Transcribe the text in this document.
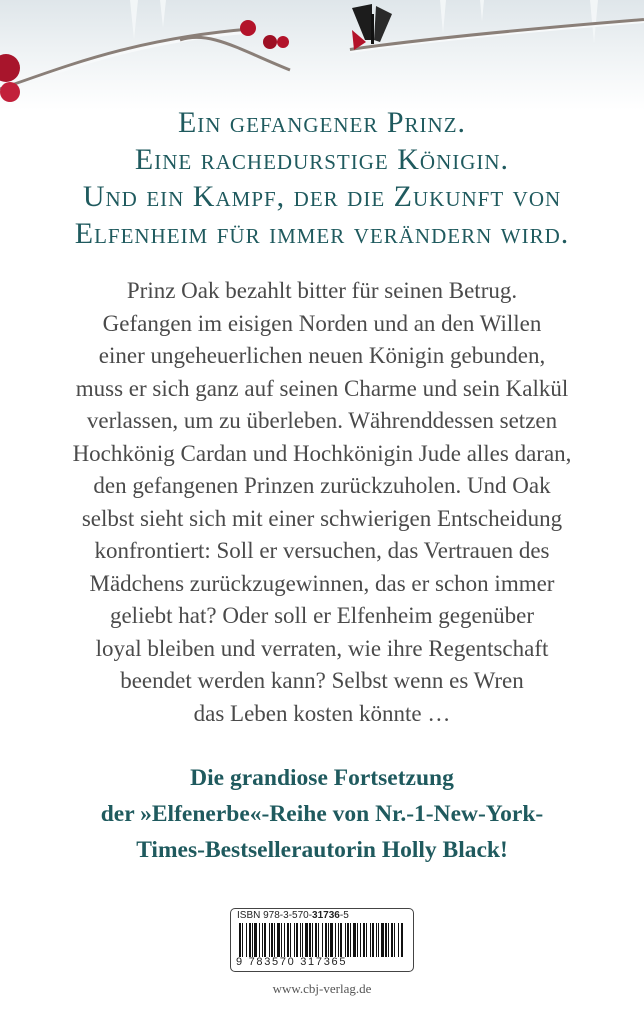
Ein gefangener Prinz.
Eine rachedurstige Königin.
Und ein Kampf, der die Zukunft von
Elfenheim für immer verändern wird.
Prinz Oak bezahlt bitter für seinen Betrug.
Gefangen im eisigen Norden und an den Willen
einer ungeheuerlichen neuen Königin gebunden,
muss er sich ganz auf seinen Charme und sein Kalkül
verlassen, um zu überleben. Währenddessen setzen
Hochkönig Cardan und Hochkönigin Jude alles daran,
den gefangenen Prinzen zurückzuholen. Und Oak
selbst sieht sich mit einer schwierigen Entscheidung
konfrontiert: Soll er versuchen, das Vertrauen des
Mädchens zurückzugewinnen, das er schon immer
geliebt hat? Oder soll er Elfenheim gegenüber
loyal bleiben und verraten, wie ihre Regentschaft
beendet werden kann? Selbst wenn es Wren
das Leben kosten könnte …
Die grandiose Fortsetzung
der »Elfenerbe«-Reihe von Nr.-1-New-York-
Times-Bestsellerautorin Holly Black!
ISBN 978-3-570-31736-5
9 783570 317365
www.cbj-verlag.de
